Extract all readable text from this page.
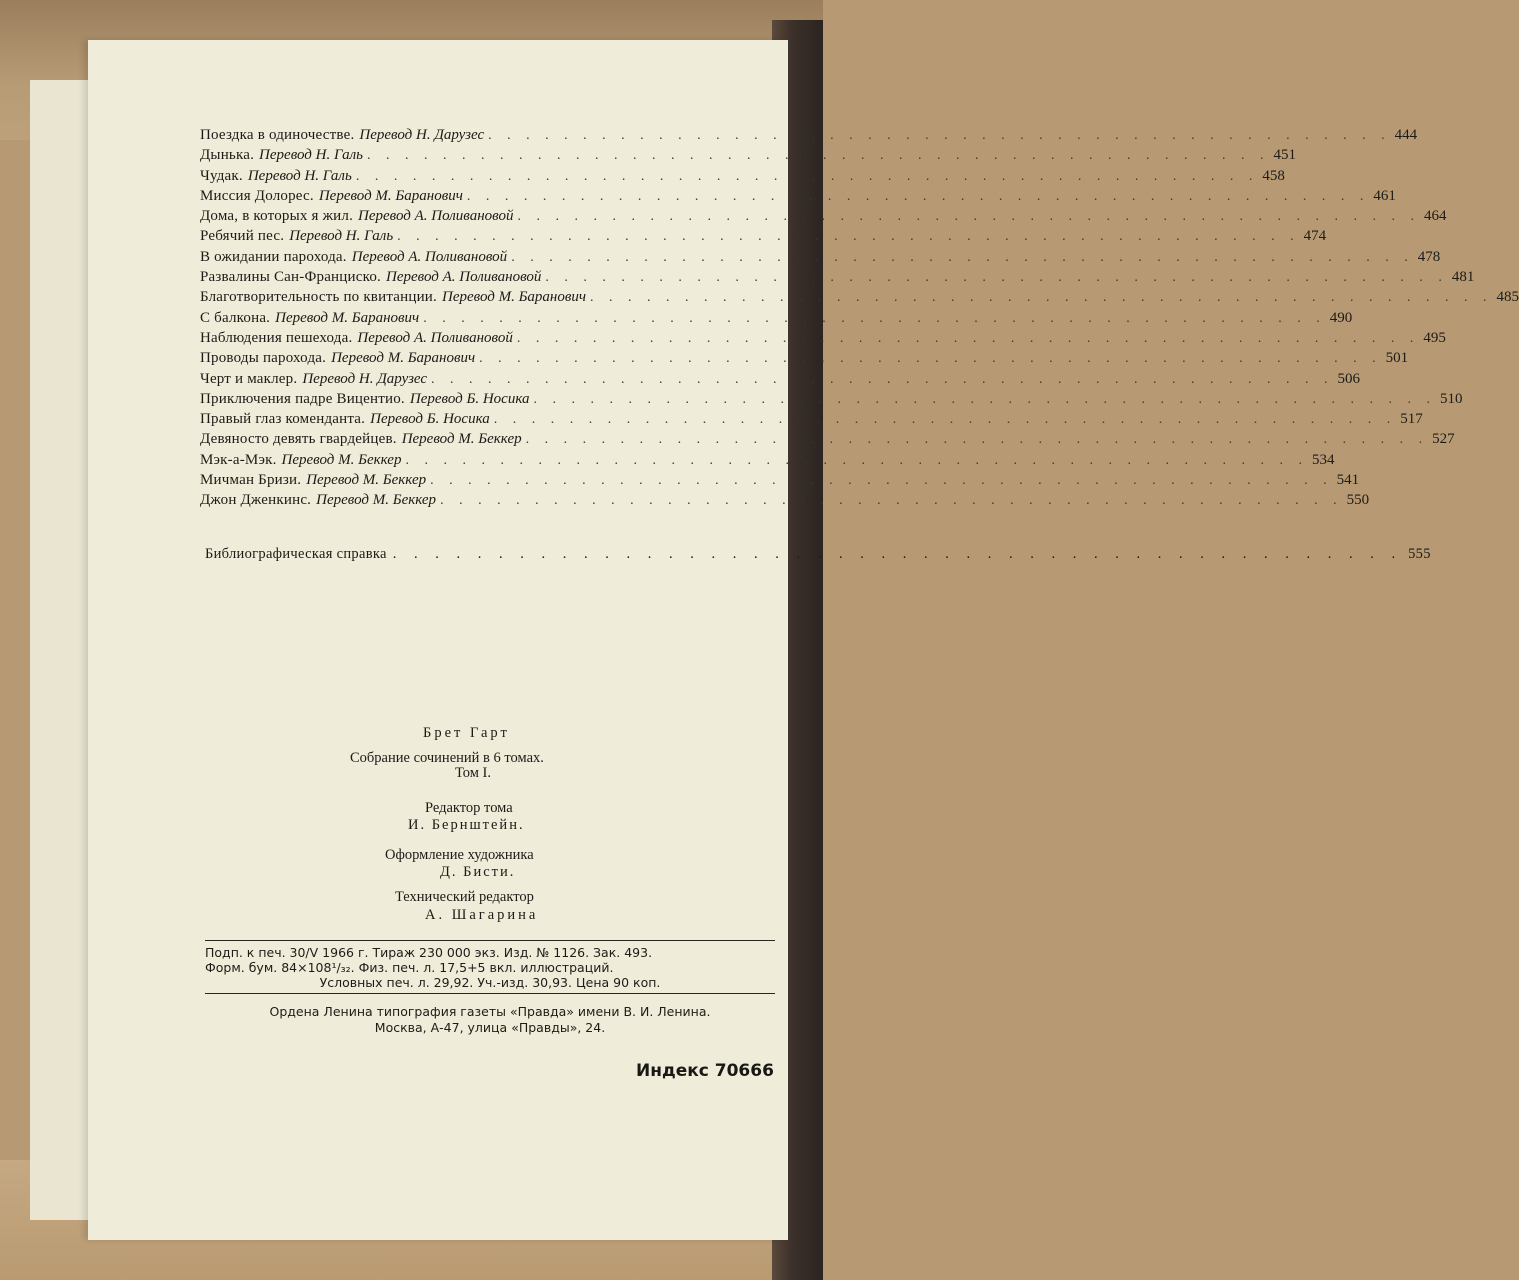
Поездка в одиночестве. Перевод Н. Дарузес . . . . . . . . . . . . . . . . . . . . . . . . . . . . . . . . . . . . . . . . . . . . . . . . 444
Дынька. Перевод Н. Галь . . . . . . . . . . . . . . . . . . . . . . . . . . . . . . . . . . . . . . . . . . . . . . . . 451
Чудак. Перевод Н. Галь . . . . . . . . . . . . . . . . . . . . . . . . . . . . . . . . . . . . . . . . . . . . . . . . 458
Миссия Долорес. Перевод М. Баранович . . . . . . . . . . . . . . . . . . . . . . . . . . . . . . . . . . . . . . . . . . . . . . . . 461
Дома, в которых я жил. Перевод А. Поливановой . . . . . . . . . . . . . . . . . . . . . . . . . . . . . . . . . . . . . . . . . . . . . . . . 464
Ребячий пес. Перевод Н. Галь . . . . . . . . . . . . . . . . . . . . . . . . . . . . . . . . . . . . . . . . . . . . . . . . 474
В ожидании парохода. Перевод А. Поливановой . . . . . . . . . . . . . . . . . . . . . . . . . . . . . . . . . . . . . . . . . . . . . . . . 478
Развалины Сан-Франциско. Перевод А. Поливановой . . . . . . . . . . . . . . . . . . . . . . . . . . . . . . . . . . . . . . . . . . . . . . . . 481
Благотворительность по квитанции. Перевод М. Баранович . . . . . . . . . . . . . . . . . . . . . . . . . . . . . . . . . . . . . . . . . . . . . . . . 485
С балкона. Перевод М. Баранович . . . . . . . . . . . . . . . . . . . . . . . . . . . . . . . . . . . . . . . . . . . . . . . . 490
Наблюдения пешехода. Перевод А. Поливановой . . . . . . . . . . . . . . . . . . . . . . . . . . . . . . . . . . . . . . . . . . . . . . . . 495
Проводы парохода. Перевод М. Баранович . . . . . . . . . . . . . . . . . . . . . . . . . . . . . . . . . . . . . . . . . . . . . . . . 501
Черт и маклер. Перевод Н. Дарузес . . . . . . . . . . . . . . . . . . . . . . . . . . . . . . . . . . . . . . . . . . . . . . . . 506
Приключения падре Вицентио. Перевод Б. Носика . . . . . . . . . . . . . . . . . . . . . . . . . . . . . . . . . . . . . . . . . . . . . . . . 510
Правый глаз коменданта. Перевод Б. Носика . . . . . . . . . . . . . . . . . . . . . . . . . . . . . . . . . . . . . . . . . . . . . . . . 517
Девяносто девять гвардейцев. Перевод М. Беккер . . . . . . . . . . . . . . . . . . . . . . . . . . . . . . . . . . . . . . . . . . . . . . . . 527
Мэк-а-Мэк. Перевод М. Беккер . . . . . . . . . . . . . . . . . . . . . . . . . . . . . . . . . . . . . . . . . . . . . . . . 534
Мичман Бризи. Перевод М. Беккер . . . . . . . . . . . . . . . . . . . . . . . . . . . . . . . . . . . . . . . . . . . . . . . . 541
Джон Дженкинс. Перевод М. Беккер . . . . . . . . . . . . . . . . . . . . . . . . . . . . . . . . . . . . . . . . . . . . . . . . 550
Библиографическая справка . . . . . . . . . . . . . . . . . . . . . . . . . . . . . . . . . . . . . . . . . . . . . . . . 555
Брет Гарт
Собрание сочинений в 6 томах.
Том I.
Редактор тома
И. Бернштейн.
Оформление художника
Д. Бисти.
Технический редактор
А. Шагарина
Подп. к печ. 30/V 1966 г. Тираж 230 000 экз. Изд. № 1126. Зак. 493.
Форм. бум. 84×108¹/₃₂. Физ. печ. л. 17,5+5 вкл. иллюстраций.
Условных печ. л. 29,92. Уч.-изд. 30,93. Цена 90 коп.
Ордена Ленина типография газеты «Правда» имени В. И. Ленина.
Москва, А-47, улица «Правды», 24.
Индекс 70666
